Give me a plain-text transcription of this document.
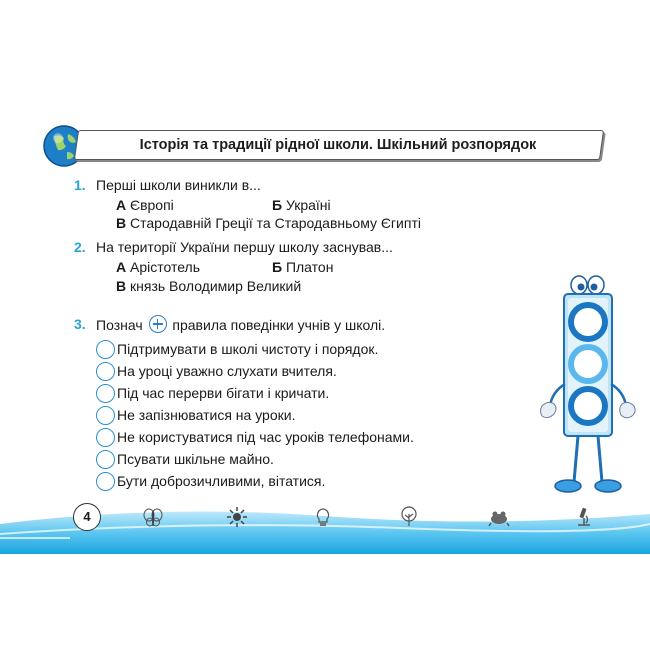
Історія та традиції рідної школи. Шкільний розпорядок
1. Перші школи виникли в...
А Європі	Б Україні
В Стародавній Греції та Стародавньому Єгипті
2. На території України першу школу заснував...
А Арістотель	Б Платон
В князь Володимир Великий
3. Познач правила поведінки учнів у школі.
Підтримувати в школі чистоту і порядок.
На уроці уважно слухати вчителя.
Під час перерви бігати і кричати.
Не запізнюватися на уроки.
Не користуватися під час уроків телефонами.
Псувати шкільне майно.
Бути доброзичливими, вітатися.
4
